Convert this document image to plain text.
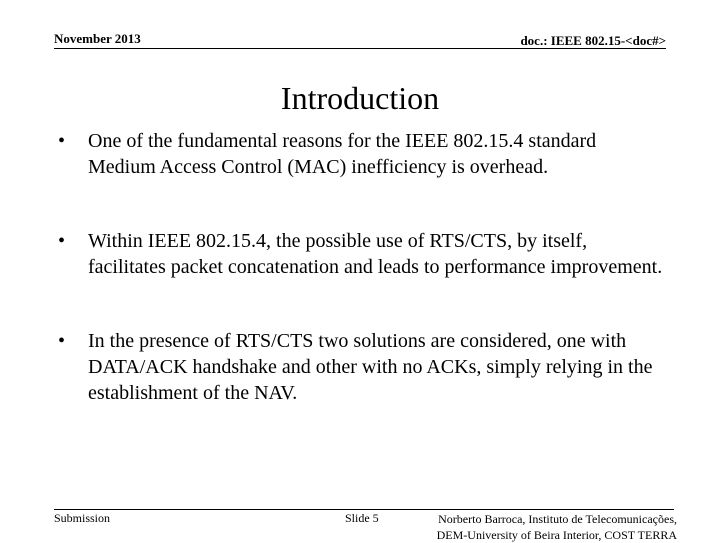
November 2013	doc.: IEEE 802.15-<doc#>
Introduction
•	One of the fundamental reasons for the IEEE 802.15.4 standard Medium Access Control (MAC) inefficiency is overhead.
•	Within IEEE 802.15.4, the possible use of RTS/CTS, by itself, facilitates packet concatenation and leads to performance improvement.
•	In the presence of RTS/CTS two solutions are considered, one with DATA/ACK handshake and other with no ACKs, simply relying in the establishment of the NAV.
Submission	Slide 5	Norberto Barroca, Instituto de Telecomunicações,
DEM-University of Beira Interior, COST TERRA
